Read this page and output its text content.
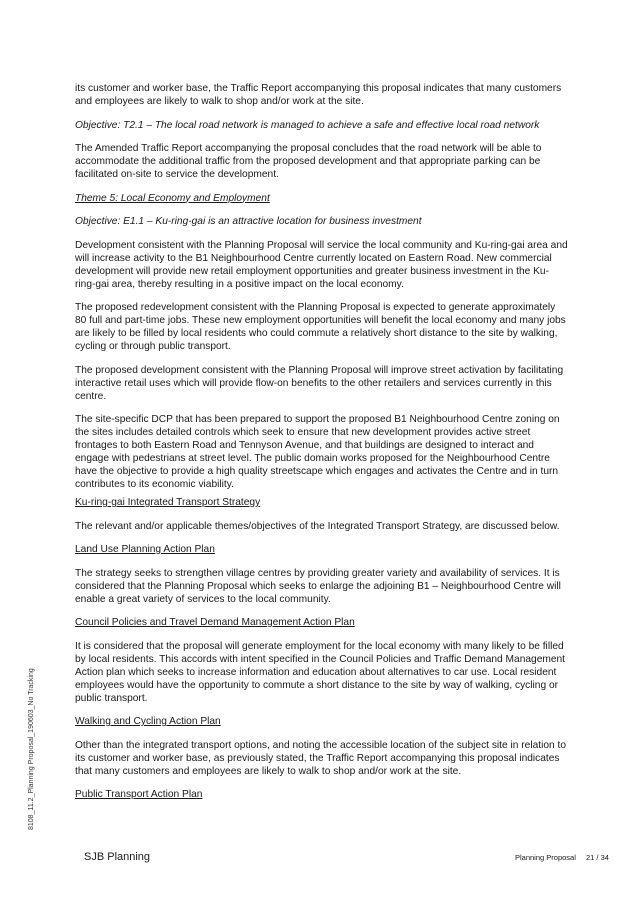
its customer and worker base, the Traffic Report accompanying this proposal indicates that many customers and employees are likely to walk to shop and/or work at the site.

Objective: T2.1 – The local road network is managed to achieve a safe and effective local road network

The Amended Traffic Report accompanying the proposal concludes that the road network will be able to accommodate the additional traffic from the proposed development and that appropriate parking can be facilitated on-site to service the development.

Theme 5: Local Economy and Employment

Objective: E1.1 – Ku-ring-gai is an attractive location for business investment

Development consistent with the Planning Proposal will service the local community and Ku-ring-gai area and will increase activity to the B1 Neighbourhood Centre currently located on Eastern Road. New commercial development will provide new retail employment opportunities and greater business investment in the Ku-ring-gai area, thereby resulting in a positive impact on the local economy.

The proposed redevelopment consistent with the Planning Proposal is expected to generate approximately 80 full and part-time jobs. These new employment opportunities will benefit the local economy and many jobs are likely to be filled by local residents who could commute a relatively short distance to the site by walking, cycling or through public transport.

The proposed development consistent with the Planning Proposal will improve street activation by facilitating interactive retail uses which will provide flow-on benefits to the other retailers and services currently in this centre.

The site-specific DCP that has been prepared to support the proposed B1 Neighbourhood Centre zoning on the sites includes detailed controls which seek to ensure that new development provides active street frontages to both Eastern Road and Tennyson Avenue, and that buildings are designed to interact and engage with pedestrians at street level. The public domain works proposed for the Neighbourhood Centre have the objective to provide a high quality streetscape which engages and activates the Centre and in turn contributes to its economic viability.

Ku-ring-gai Integrated Transport Strategy

The relevant and/or applicable themes/objectives of the Integrated Transport Strategy, are discussed below.

Land Use Planning Action Plan

The strategy seeks to strengthen village centres by providing greater variety and availability of services. It is considered that the Planning Proposal which seeks to enlarge the adjoining B1 – Neighbourhood Centre will enable a great variety of services to the local community.

Council Policies and Travel Demand Management Action Plan

It is considered that the proposal will generate employment for the local economy with many likely to be filled by local residents. This accords with intent specified in the Council Policies and Traffic Demand Management Action plan which seeks to increase information and education about alternatives to car use. Local resident employees would have the opportunity to commute a short distance to the site by way of walking, cycling or public transport.

Walking and Cycling Action Plan

Other than the integrated transport options, and noting the accessible location of the subject site in relation to its customer and worker base, as previously stated, the Traffic Report accompanying this proposal indicates that many customers and employees are likely to walk to shop and/or work at the site.

Public Transport Action Plan

8108_11.2_Planning Proposal_190603_No Tracking
SJB Planning	Planning Proposal 21 / 34
